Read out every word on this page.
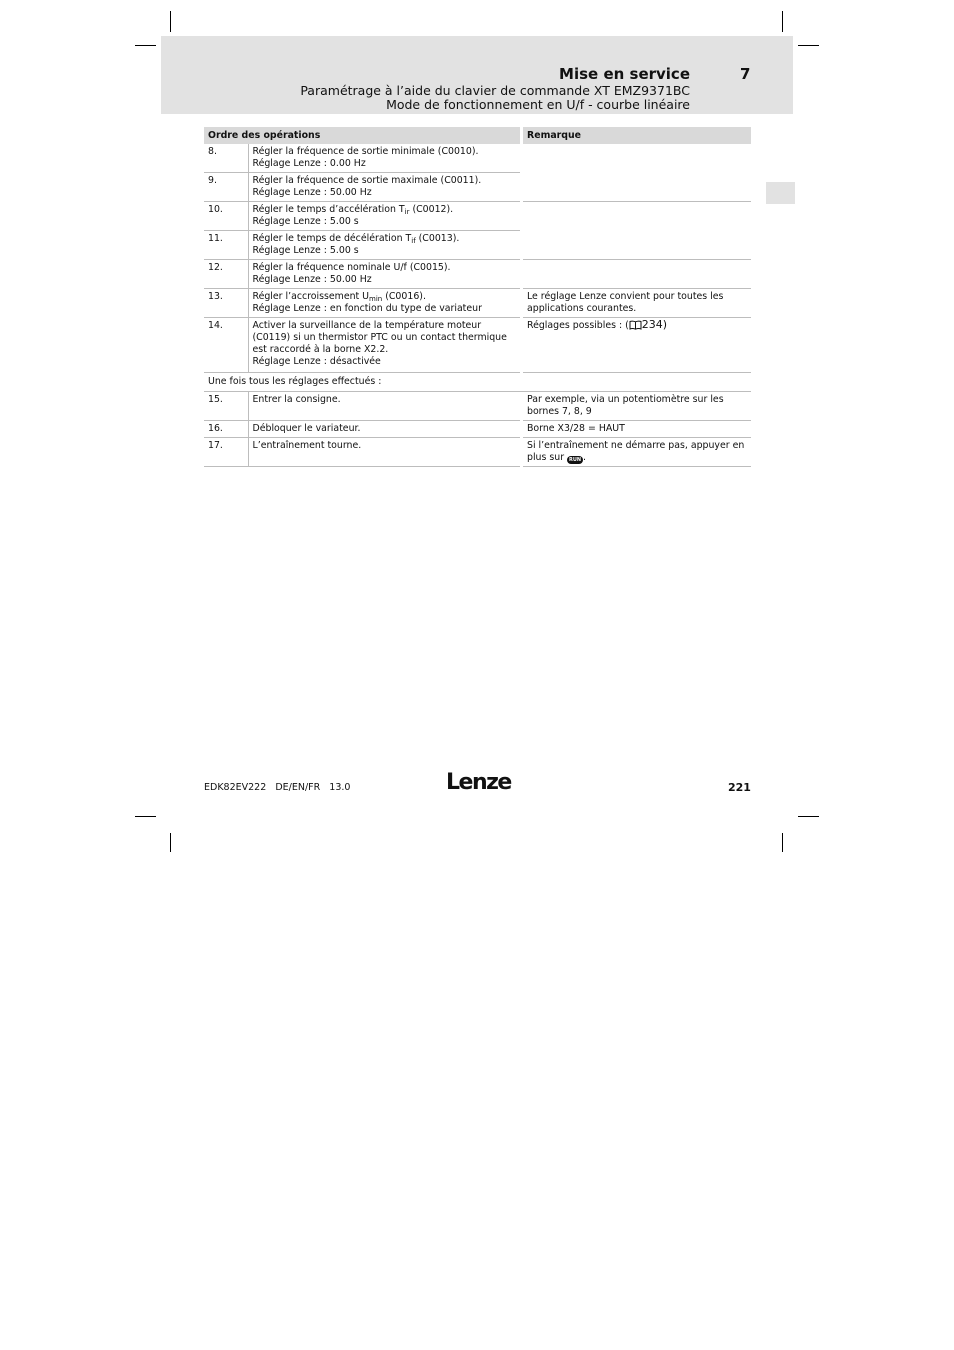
Mise en service	7
Paramétrage à l’aide du clavier de commande XT EMZ9371BC
Mode de fonctionnement en U/f - courbe linéaire
Ordre des opérations			Remarque
8.	Régler la fréquence de sortie minimale (C0010).
Réglage Lenze : 0.00 Hz		
9.	Régler la fréquence de sortie maximale (C0011).
Réglage Lenze : 50.00 Hz		
10.	Régler le temps d’accélération $T_{ir}$ (C0012).
Réglage Lenze : 5.00 s		
11.	Régler le temps de décélération $T_{if}$ (C0013).
Réglage Lenze : 5.00 s		
12.	Régler la fréquence nominale U/f (C0015).
Réglage Lenze : 50.00 Hz		
13.	Régler l’accroissement $U_{min}$ (C0016).
Réglage Lenze : en fonction du type de variateur		Le réglage Lenze convient pour toutes les applications courantes.
14.	Activer la surveillance de la température moteur (C0119) si un thermistor PTC ou un contact thermique est raccordé à la borne X2.2.
Réglage Lenze : désactivée		Réglages possibles : ( 234)
Une fois tous les réglages effectués :			
15.	Entrer la consigne.		Par exemple, via un potentiomètre sur les bornes 7, 8, 9
16.	Débloquer le variateur.		Borne X3/28 = HAUT
17.	L’entraînement tourne.		Si l’entraînement ne démarre pas, appuyer en plus sur RUN .
EDK82EV222   DE/EN/FR   13.0	Lenze	221
